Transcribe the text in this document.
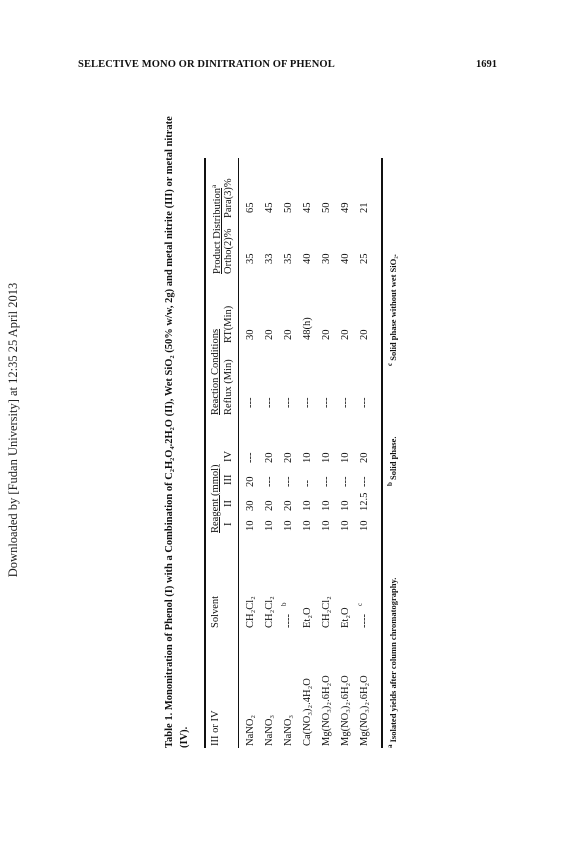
SELECTIVE MONO OR DINITRATION OF PHENOL	1691
Downloaded by [Fudan University] at 12:35 25 April 2013	Table 1. Mononitration of Phenol (I) with a Combination of C₂H₂O₄.2H₂O (II), Wet SiO₂ (50% w/w, 2g) and metal nitrite (III) or metal nitrate (IV). III or IV
Solvent
Reagent (mmol)
Reaction Conditions
Product Distribution$^a$
I
II
III
IV
Reflux (Min)
RT(Min)
Ortho(2)%
Para(3)%
NaNO₂
CH₂Cl₂
10
30
20
---
---
30
35
65
NaNO₃
CH₂Cl₂
10
20
---
20
---
20
33
45
NaNO₃
----
b
10
20
---
20
---
20
35
50
Ca(NO₃)₂.4H₂O
Et₂O
10
10
--
10
---
48(h)
40
45
Mg(NO₃)₂.6H₂O
CH₂Cl₂
10
10
---
10
---
20
30
50
Mg(NO₃)₂.6H₂O
Et₂O
10
10
---
10
---
20
40
49
Mg(NO₃)₂.6H₂O
----
c
10
12.5
---
20
---
20
25
21
$^a$ Isolated yields after column chromatography.
$^b$ Solid phase.
$^c$ Solid phase without wet SiO₂.
